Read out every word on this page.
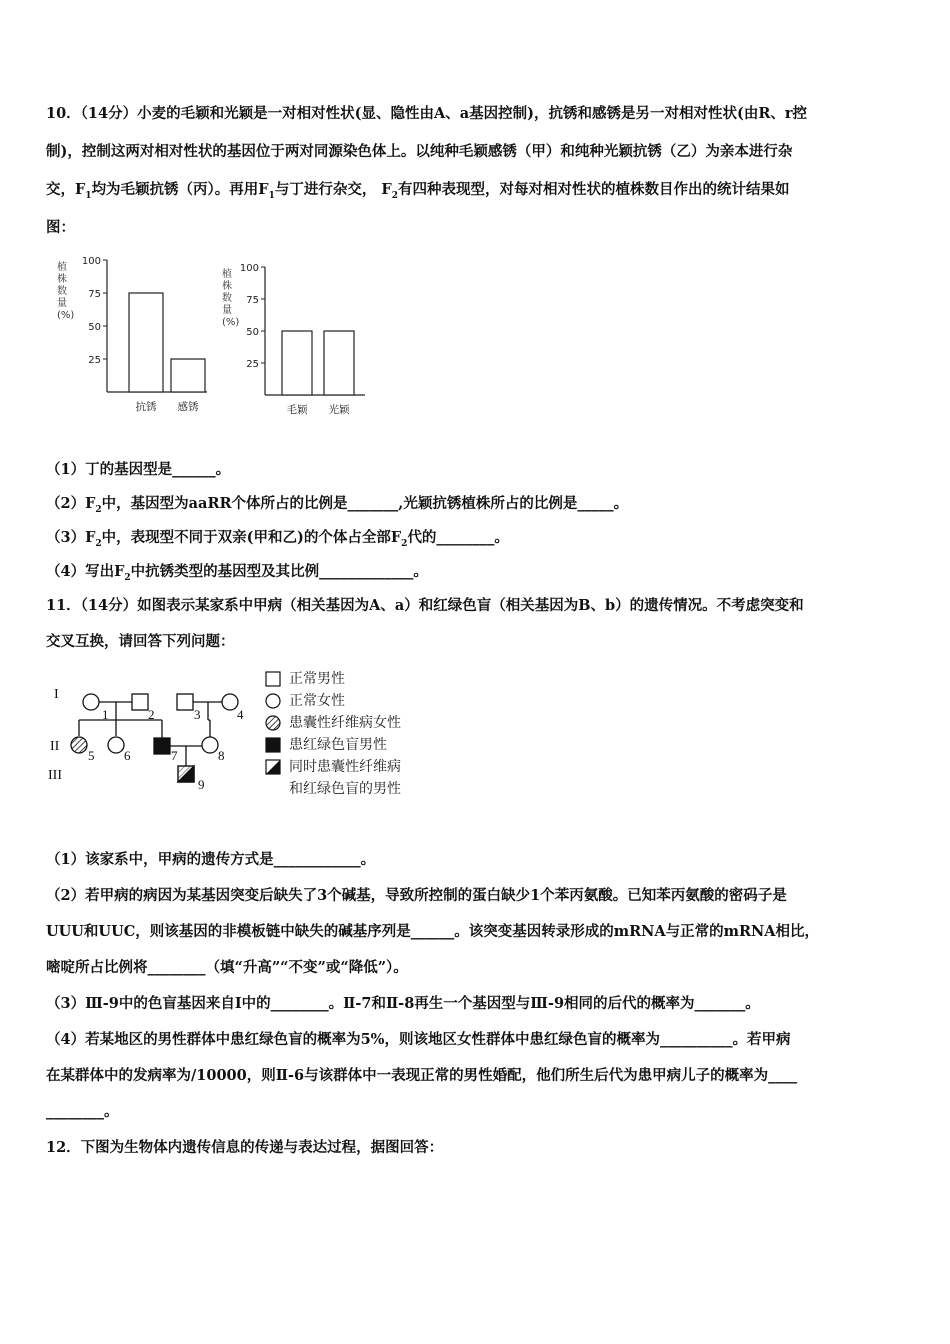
10．（14分）小麦的毛颖和光颖是一对相对性状(显、隐性由A、a基因控制)，抗锈和感锈是另一对相对性状(由R、r控
制)，控制这两对相对性状的基因位于两对同源染色体上。以纯种毛颖感锈（甲）和纯种光颖抗锈（乙）为亲本进行杂
交，$F_1$均为毛颖抗锈（丙）。再用$F_1$与丁进行杂交， $F_2$有四种表现型，对每对相对性状的植株数目作出的统计结果如
图：
植
株
数
量
(%)
100
75
50
25
抗锈 感锈
植
株
数
量
(%)
100
75
50
25
毛颖 光颖
（1）丁的基因型是______。
$(2)F_2$中，基因型为aaRR个体所占的比例是_______,光颖抗锈植株所占的比例是_____。
$(3)F_2$中，表现型不同于双亲(甲和乙)的个体占全部$F_2$代的________。
（4）写出$F_2$中抗锈类型的基因型及其比例_____________。
11．（14分）如图表示某家系中甲病（相关基因为A、a）和红绿色盲（相关基因为B、b）的遗传情况。不考虑突变和
交叉互换，请回答下列问题：
I
II
III
1	2	3	4
5 6	7	8
9
正常男性
正常女性
患囊性纤维病女性
患红绿色盲男性
同时患囊性纤维病
和红绿色盲的男性
（1）该家系中，甲病的遗传方式是____________。
（2）若甲病的病因为某基因突变后缺失了3个碱基，导致所控制的蛋白缺少1个苯丙氨酸。已知苯丙氨酸的密码子是
UUU和UUC，则该基因的非模板链中缺失的碱基序列是______。该突变基因转录形成的mRNA与正常的mRNA相比，
嘧啶所占比例将________（填“升高”“不变”或“降低”）。
（3）Ⅲ-9中的色盲基因来自Ⅰ中的________。Ⅱ-7和Ⅱ-8再生一个基因型与Ⅲ-9相同的后代的概率为_______。
（4）若某地区的男性群体中患红绿色盲的概率为5%，则该地区女性群体中患红绿色盲的概率为__________。若甲病
在某群体中的发病率为/10000，则Ⅱ-6与该群体中一表现正常的男性婚配，他们所生后代为患甲病儿子的概率为____
________。
12．下图为生物体内遗传信息的传递与表达过程，据图回答：
